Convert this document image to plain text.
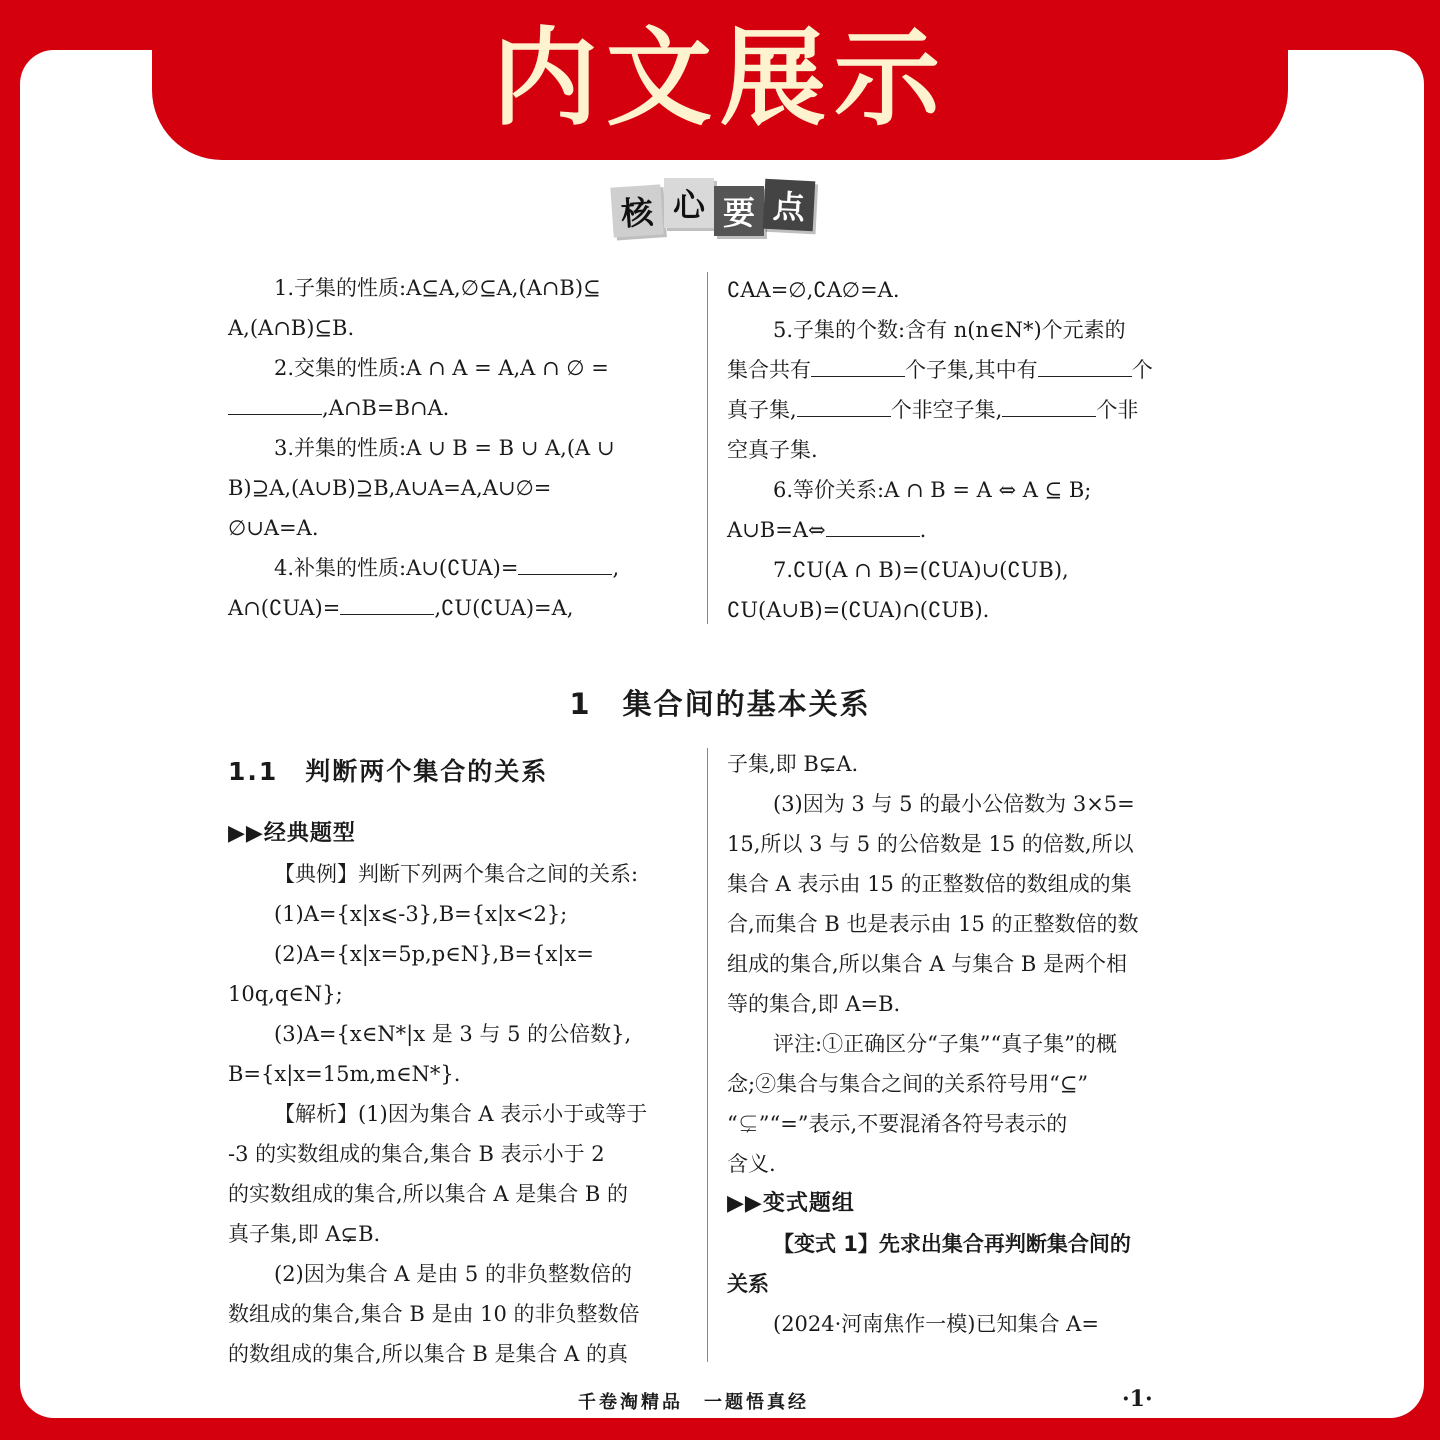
内文展示
核 心 要 点

1.子集的性质:A⊆A,∅⊆A,(A∩B)⊆

A,(A∩B)⊆B.

2.交集的性质:A ∩ A = A,A ∩ ∅ =

,A∩B=B∩A.

3.并集的性质:A ∪ B = B ∪ A,(A ∪

B)⊇A,(A∪B)⊇B,A∪A=A,A∪∅=

∅∪A=A.

4.补集的性质:A∪(∁UA)=	,

A∩(∁UA)=	,∁U(∁UA)=A,

∁AA=∅,∁A∅=A.

5.子集的个数:含有 n(n∈N*)个元素的

集合共有	个子集,其中有	个

真子集,	个非空子集,	个非

空真子集.

6.等价关系:A ∩ B = A ⇔ A ⊆ B;

A∪B=A⇔	.

7.∁U(A ∩ B)=(∁UA)∪(∁UB),

∁U(A∪B)=(∁UA)∩(∁UB).

1　集合间的基本关系
1.1　判断两个集合的关系

▶▶经典题型

【典例】判断下列两个集合之间的关系:

(1)A={x|x⩽-3},B={x|x<2};

(2)A={x|x=5p,p∈N},B={x|x=

10q,q∈N};

(3)A={x∈N*|x 是 3 与 5 的公倍数},

B={x|x=15m,m∈N*}.

【解析】(1)因为集合 A 表示小于或等于

-3 的实数组成的集合,集合 B 表示小于 2

的实数组成的集合,所以集合 A 是集合 B 的

真子集,即 A⊊B.

(2)因为集合 A 是由 5 的非负整数倍的

数组成的集合,集合 B 是由 10 的非负整数倍

的数组成的集合,所以集合 B 是集合 A 的真

子集,即 B⊊A.

(3)因为 3 与 5 的最小公倍数为 3×5=

15,所以 3 与 5 的公倍数是 15 的倍数,所以

集合 A 表示由 15 的正整数倍的数组成的集

合,而集合 B 也是表示由 15 的正整数倍的数

组成的集合,所以集合 A 与集合 B 是两个相

等的集合,即 A=B.

评注:①正确区分“子集”“真子集”的概

念;②集合与集合之间的关系符号用“⊆”

“⊊”“=”表示,不要混淆各符号表示的

含义.

▶▶变式题组

【变式 1】先求出集合再判断集合间的

关系

(2024·河南焦作一模)已知集合 A=

千卷淘精品　一题悟真经	·1·
